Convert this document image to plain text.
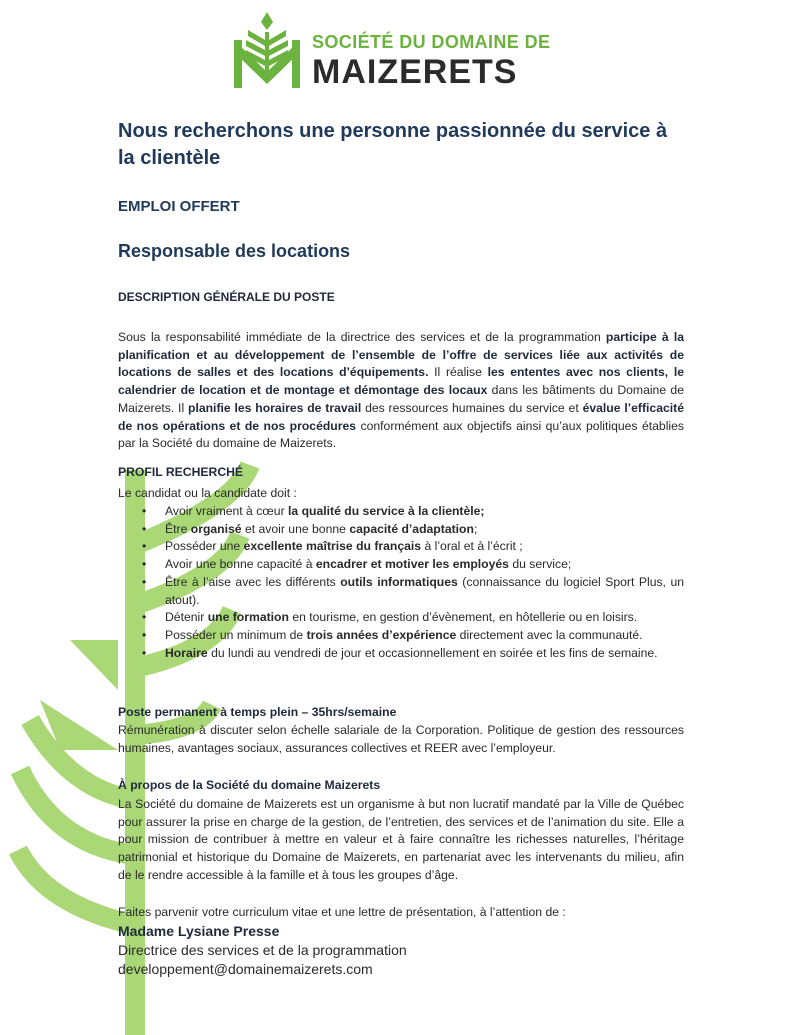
SOCIÉTÉ DU DOMAINE DE
MAIZERETS
Nous recherchons une personne passionnée du service à la clientèle
EMPLOI OFFERT
Responsable des locations
DESCRIPTION GÉNÉRALE DU POSTE
Sous la responsabilité immédiate de la directrice des services et de la programmation participe à la planification et au développement de l’ensemble de l’offre de services liée aux activités de locations de salles et des locations d’équipements. Il réalise les ententes avec nos clients, le calendrier de location et de montage et démontage des locaux dans les bâtiments du Domaine de Maizerets. Il planifie les horaires de travail des ressources humaines du service et évalue l’efficacité de nos opérations et de nos procédures conformément aux objectifs ainsi qu’aux politiques établies par la Société du domaine de Maizerets.
PROFIL RECHERCHÉ
Le candidat ou la candidate doit :
• Avoir vraiment à cœur la qualité du service à la clientèle;
• Être organisé et avoir une bonne capacité d’adaptation;
• Posséder une excellente maîtrise du français à l’oral et à l’écrit ;
• Avoir une bonne capacité à encadrer et motiver les employés du service;
• Être à l’aise avec les différents outils informatiques (connaissance du logiciel Sport Plus, un atout).
• Détenir une formation en tourisme, en gestion d’évènement, en hôtellerie ou en loisirs.
• Posséder un minimum de trois années d’expérience directement avec la communauté.
• Horaire du lundi au vendredi de jour et occasionnellement en soirée et les fins de semaine.
Poste permanent à temps plein – 35hrs/semaine
Rémunération à discuter selon échelle salariale de la Corporation. Politique de gestion des ressources humaines, avantages sociaux, assurances collectives et REER avec l’employeur.
À propos de la Société du domaine Maizerets
La Société du domaine de Maizerets est un organisme à but non lucratif mandaté par la Ville de Québec pour assurer la prise en charge de la gestion, de l’entretien, des services et de l’animation du site. Elle a pour mission de contribuer à mettre en valeur et à faire connaître les richesses naturelles, l’héritage patrimonial et historique du Domaine de Maizerets, en partenariat avec les intervenants du milieu, afin de le rendre accessible à la famille et à tous les groupes d’âge.
Faites parvenir votre curriculum vitae et une lettre de présentation, à l’attention de :
Madame Lysiane Presse
Directrice des services et de la programmation
developpement@domainemaizerets.com
